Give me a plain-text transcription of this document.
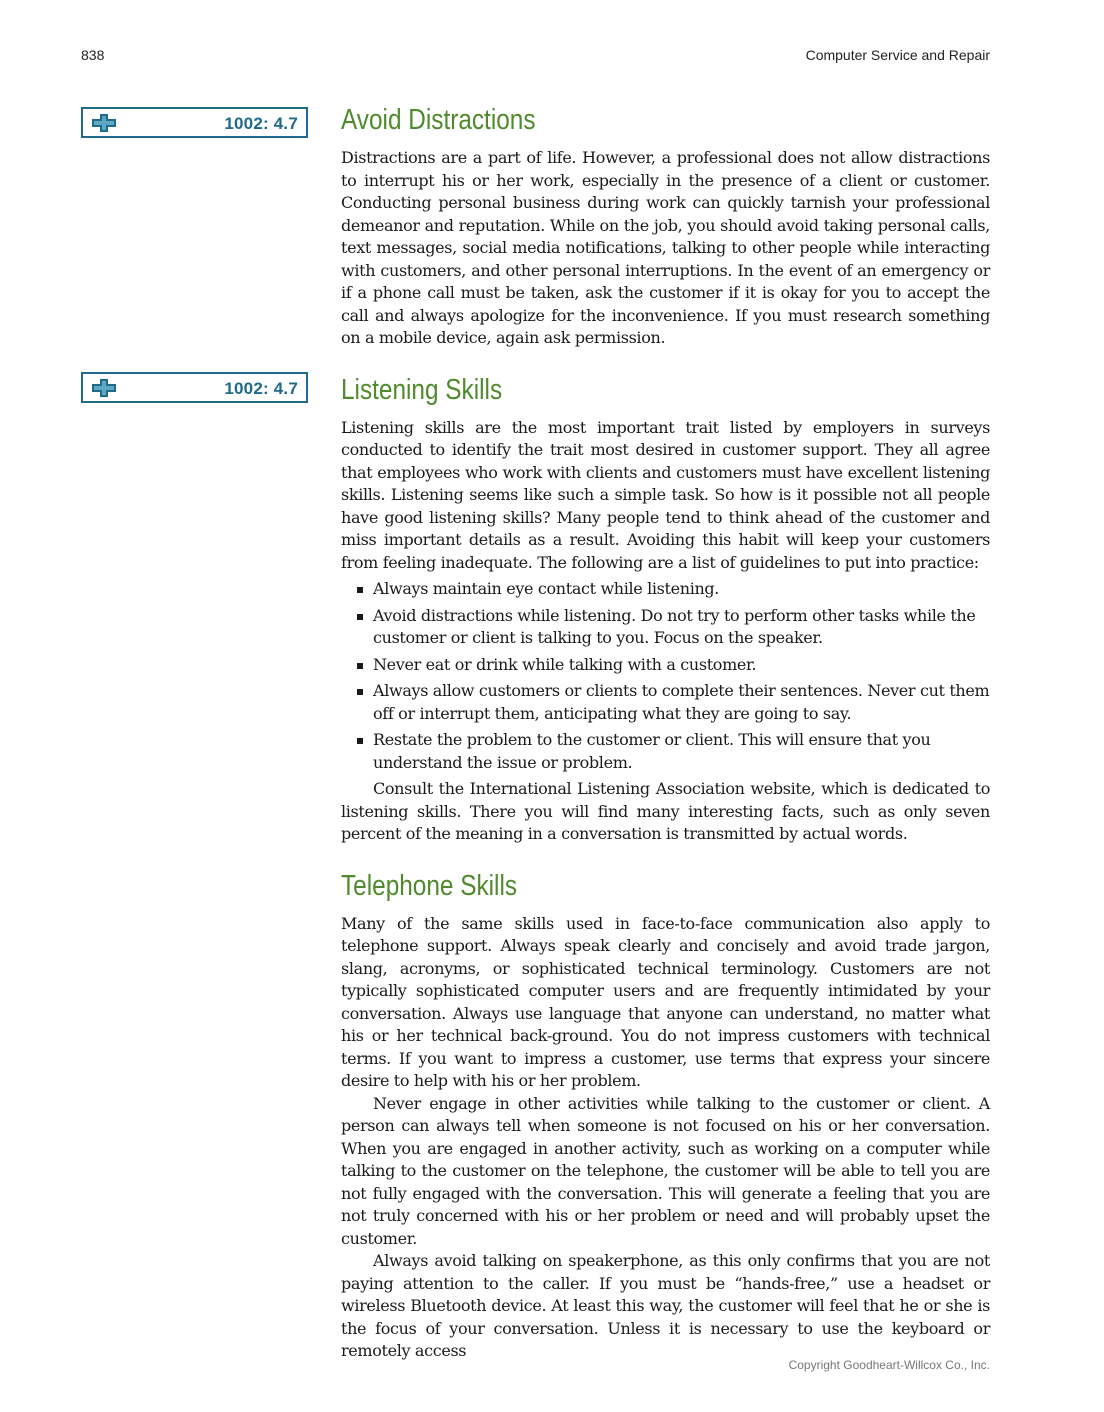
838	Computer Service and Repair
1002: 4.7
1002: 4.7
Avoid Distractions

Distractions are a part of life. However, a professional does not allow distractions to interrupt his or her work, especially in the presence of a client or customer. Conducting personal business during work can quickly tarnish your professional demeanor and reputation. While on the job, you should avoid taking personal calls, text messages, social media notifications, talking to other people while interacting with customers, and other personal interruptions. In the event of an emergency or if a phone call must be taken, ask the customer if it is okay for you to accept the call and always apologize for the inconvenience. If you must research something on a mobile device, again ask permission.

Listening Skills

Listening skills are the most important trait listed by employers in surveys conducted to identify the trait most desired in customer support. They all agree that employees who work with clients and customers must have excellent listening skills. Listening seems like such a simple task. So how is it possible not all people have good listening skills? Many people tend to think ahead of the customer and miss important details as a result. Avoiding this habit will keep your customers from feeling inadequate. The following are a list of guidelines to put into practice:

Always maintain eye contact while listening.
Avoid distractions while listening. Do not try to perform other tasks while the customer or client is talking to you. Focus on the speaker.
Never eat or drink while talking with a customer.
Always allow customers or clients to complete their sentences. Never cut them off or interrupt them, anticipating what they are going to say.
Restate the problem to the customer or client. This will ensure that you understand the issue or problem.

Consult the International Listening Association website, which is dedicated to listening skills. There you will find many interesting facts, such as only seven percent of the meaning in a conversation is transmitted by actual words.

Telephone Skills

Many of the same skills used in face-to-face communication also apply to telephone support. Always speak clearly and concisely and avoid trade jargon, slang, acronyms, or sophisticated technical terminology. Customers are not typically sophisticated computer users and are frequently intimidated by your conversation. Always use language that anyone can understand, no matter what his or her technical back-ground. You do not impress customers with technical terms. If you want to impress a customer, use terms that express your sincere desire to help with his or her problem.

Never engage in other activities while talking to the customer or client. A person can always tell when someone is not focused on his or her conversation. When you are engaged in another activity, such as working on a computer while talking to the customer on the telephone, the customer will be able to tell you are not fully engaged with the conversation. This will generate a feeling that you are not truly concerned with his or her problem or need and will probably upset the customer.

Always avoid talking on speakerphone, as this only confirms that you are not paying attention to the caller. If you must be “hands-free,” use a headset or wireless Bluetooth device. At least this way, the customer will feel that he or she is the focus of your conversation. Unless it is necessary to use the keyboard or remotely access

Copyright Goodheart-Willcox Co., Inc.
